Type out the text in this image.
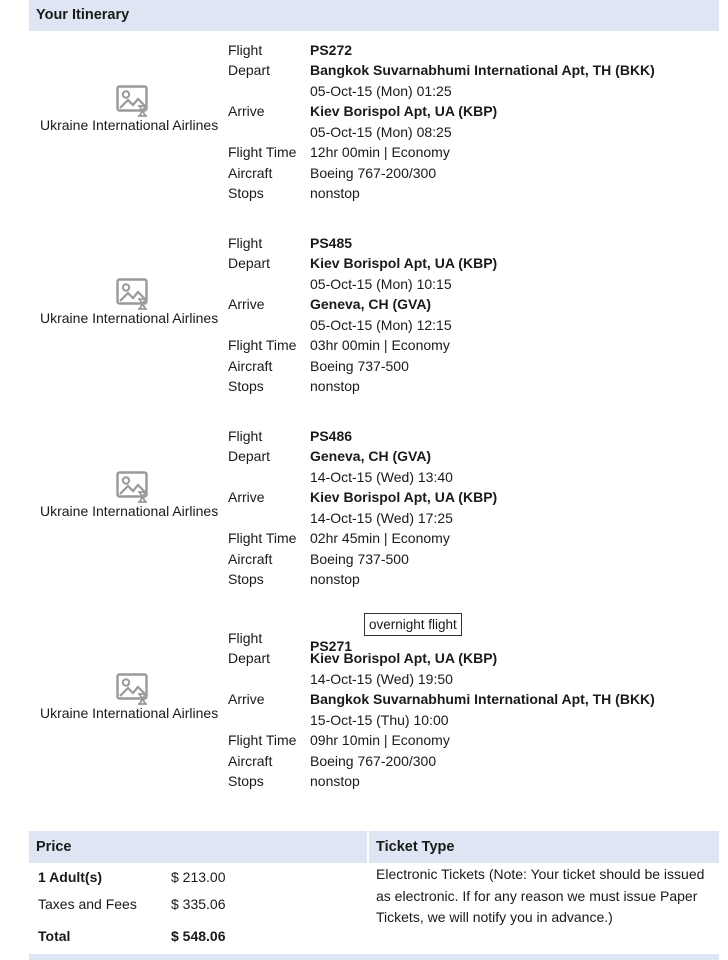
Your Itinerary
Ukraine International Airlines
Flight	PS272
Depart	Bangkok Suvarnabhumi International Apt, TH (BKK)
05-Oct-15 (Mon) 01:25
Arrive	Kiev Borispol Apt, UA (KBP)
05-Oct-15 (Mon) 08:25
Flight Time 12hr 00min | Economy
Aircraft	Boeing 767-200/300
Stops	nonstop
Ukraine International Airlines
Flight	PS485
Depart	Kiev Borispol Apt, UA (KBP)
05-Oct-15 (Mon) 10:15
Arrive	Geneva, CH (GVA)
05-Oct-15 (Mon) 12:15
Flight Time 03hr 00min | Economy
Aircraft	Boeing 737-500
Stops	nonstop
Ukraine International Airlines
Flight	PS486
Depart	Geneva, CH (GVA)
14-Oct-15 (Wed) 13:40
Arrive	Kiev Borispol Apt, UA (KBP)
14-Oct-15 (Wed) 17:25
Flight Time 02hr 45min | Economy
Aircraft	Boeing 737-500
Stops	nonstop
Ukraine International Airlines
Flight	PS271
Depart	Kiev Borispol Apt, UA (KBP)
14-Oct-15 (Wed) 19:50
Arrive	Bangkok Suvarnabhumi International Apt, TH (BKK)
15-Oct-15 (Thu) 10:00
Flight Time 09hr 10min | Economy
Aircraft	Boeing 767-200/300
Stops	nonstop
overnight flight
Price	Ticket Type
1 Adult(s)	$ 213.00
Taxes and Fees $ 335.06
Total	$ 548.06
Electronic Tickets (Note: Your ticket should be issued as electronic. If for any reason we must issue Paper Tickets, we will notify you in advance.)
